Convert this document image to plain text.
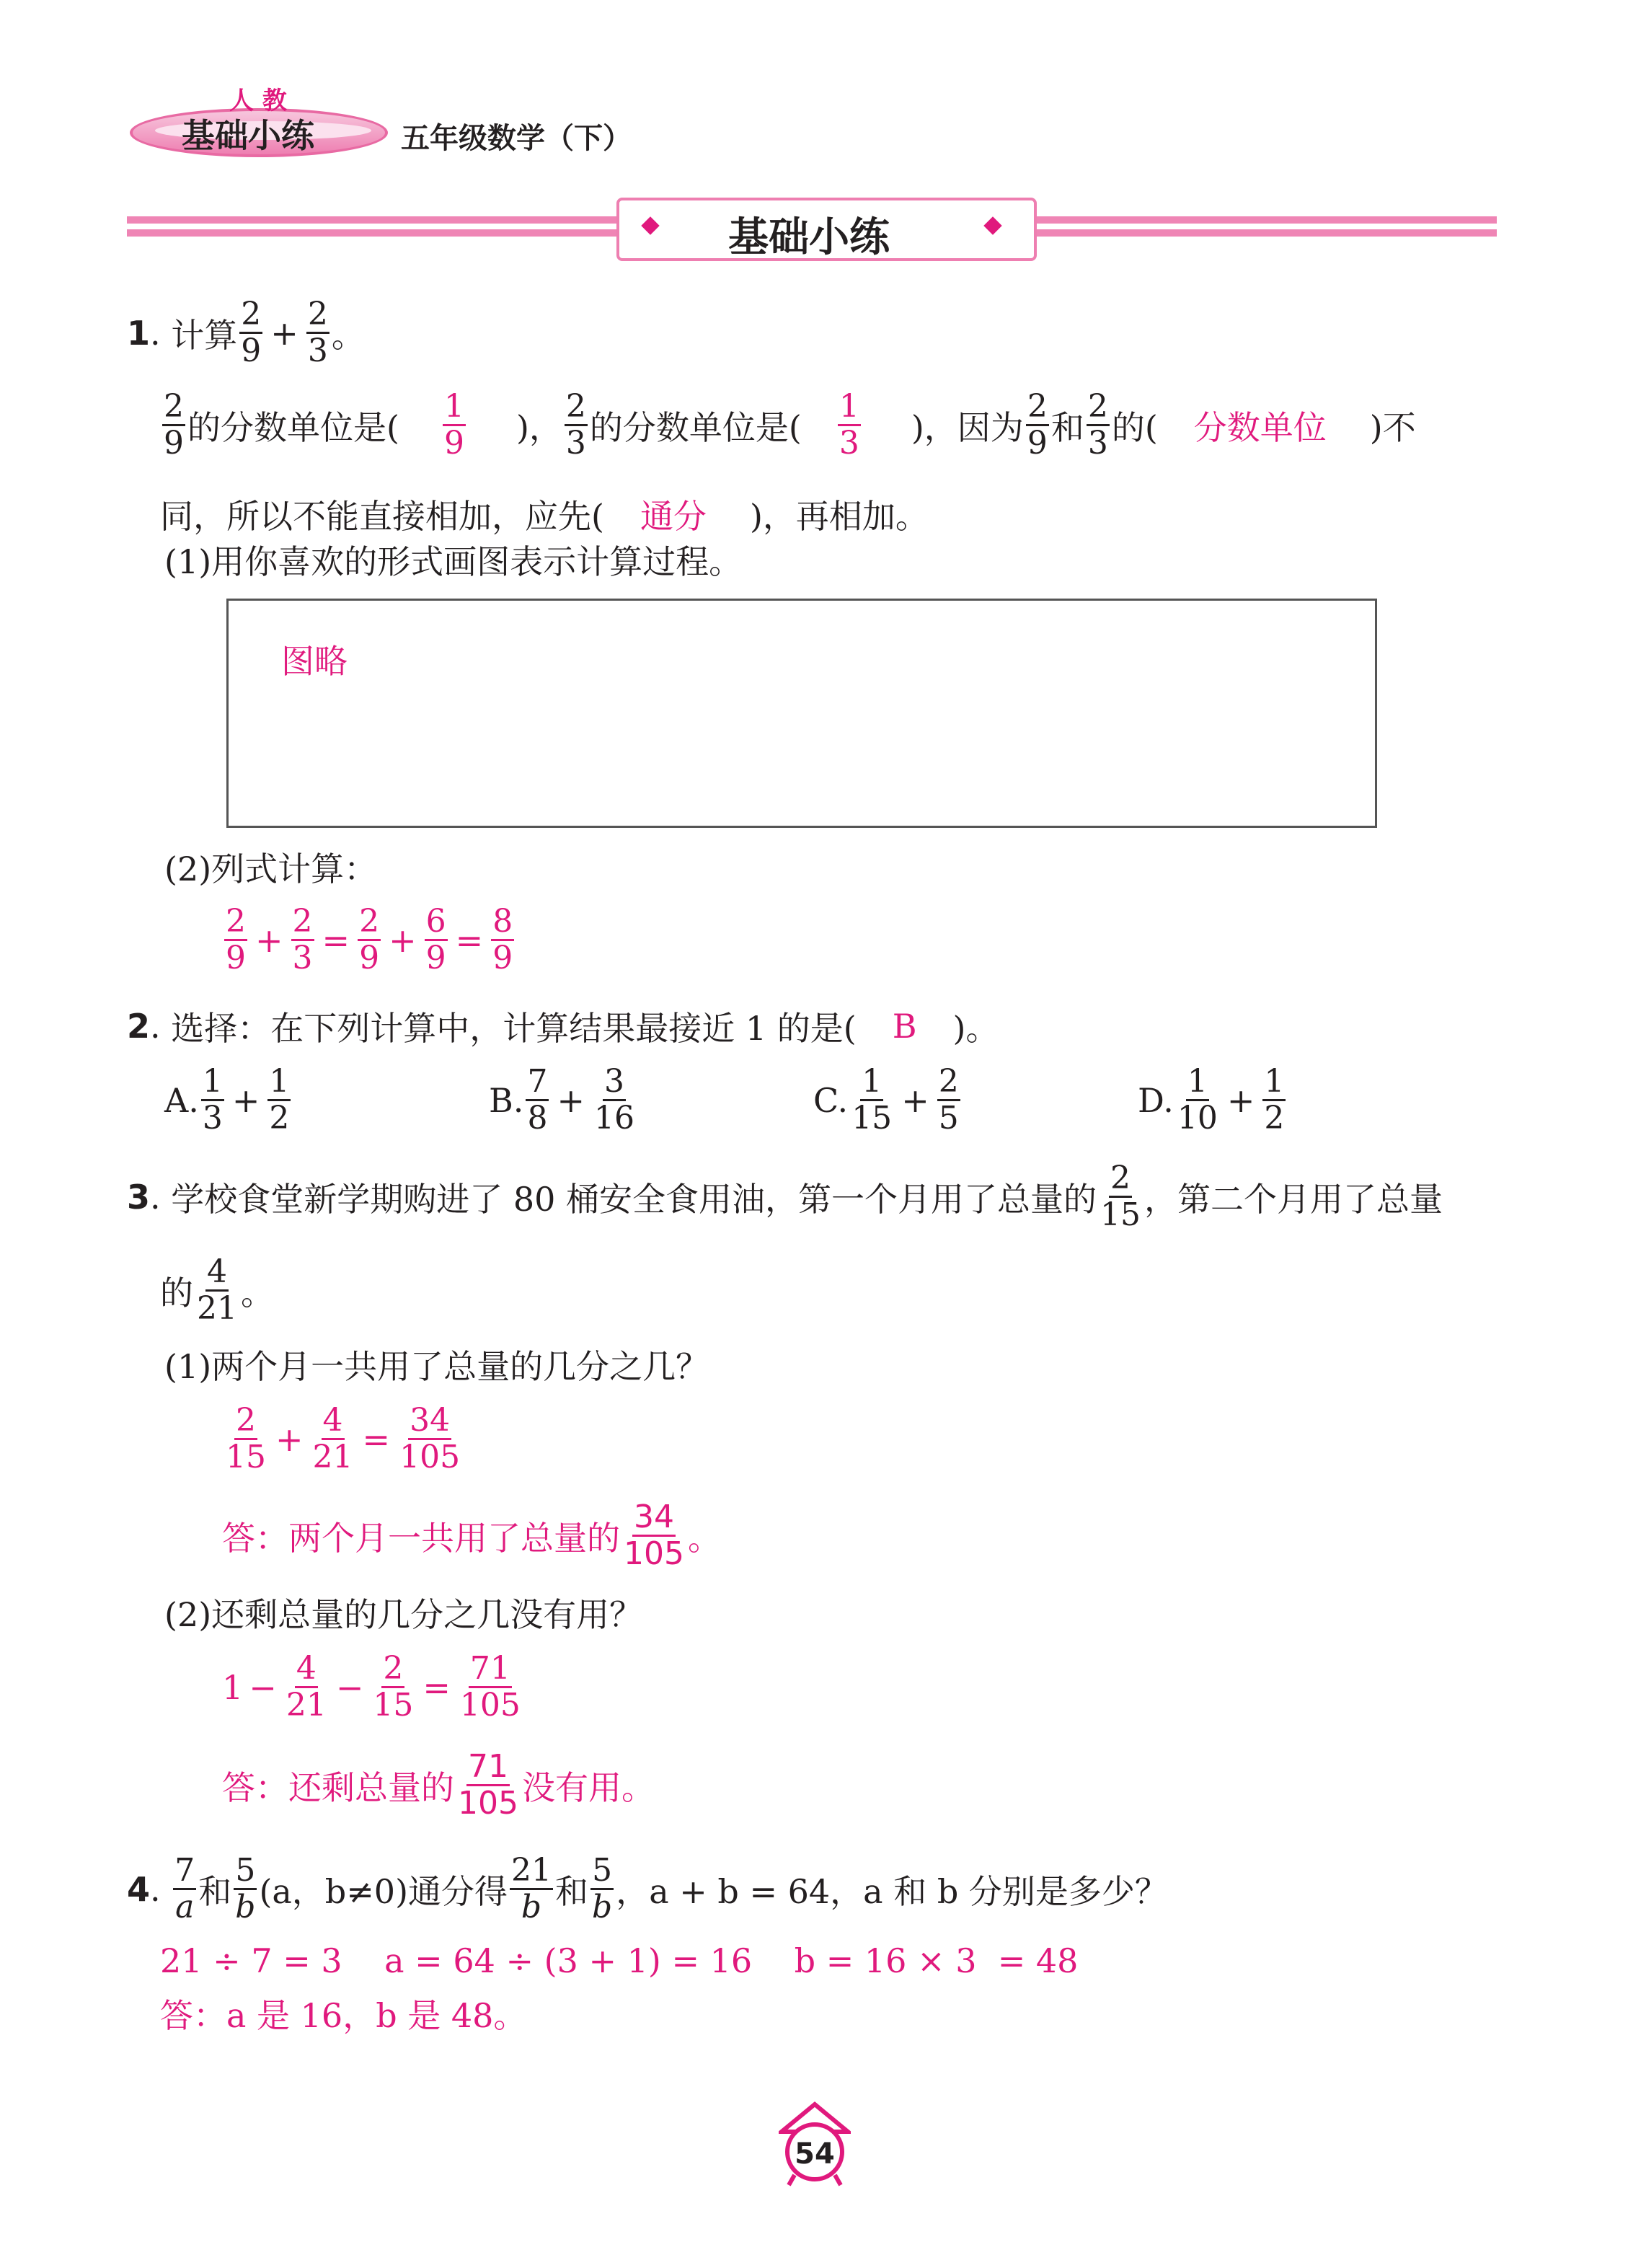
人 教
基础小练	五年级数学（下）
基础小练
1 . 计算
2
$9 + \frac{2}{3}$ 。
2
9 的分数单位是(
1
9 )，
2
3 的分数单位是(
1
3 )，因为
2
9 和
2
3 的( 分数单位 )不
同，所以不能直接相加，应先( 通分 )，再相加。
(1)用你喜欢的形式画图表示计算过程。
图略
(2)列式计算：
2
$9 + \frac{2}{3} = \frac{2}{9} + \frac{6}{9} = \frac{8}{9}$
2 . 选择：在下列计算中，计算结果最接近 1 的是( B )。
A. 1
$3 + \frac{1}{2}$	B. 7
$8 + \frac{3}{16}$	C. 1
$15 + \frac{2}{5}$	D. 1
$10 + \frac{1}{2}$
3 . 学校食堂新学期购进了 80 桶安全食用油，第一个月用了总量的
2
15 ，第二个月用了总量
的
4
21 。
(1)两个月一共用了总量的几分之几？
2
$15 + \frac{4}{21} = \frac{34}{105}$
答：两个月一共用了总量的
34
105 。
(2)还剩总量的几分之几没有用？
$1 - \frac{4}{21} - \frac{2}{15} = \frac{71}{105}$
答：还剩总量的
71
105 没有用。
4 . 7
a 和
5
b (a，b≠0)通分得
21
b 和
5
b ，a + b = 64，a 和 b 分别是多少？
21 ÷ 7 = 3    a = 64 ÷ (3 + 1) = 16    b = 16 × 3  = 48
答：a 是 16，b 是 48。
54
